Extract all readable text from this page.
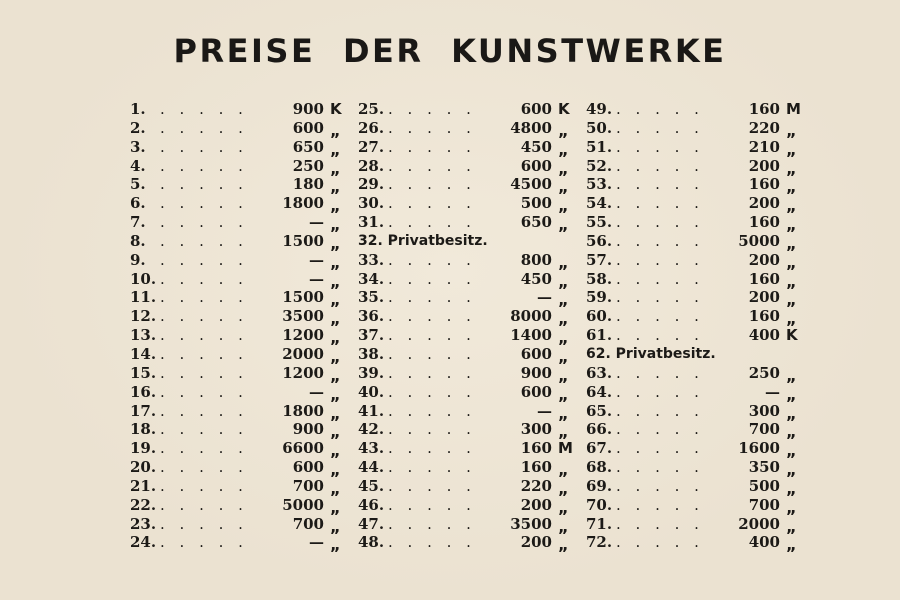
PREISE DER KUNSTWERKE
1. . . . . .	900 K
2. . . . . .	600 „
3. . . . . .	650 „
4. . . . . .	250 „
5. . . . . .	180 „
6. . . . . . 1800 „
7. . . . . .	— „
8. . . . . . 1500 „
9. . . . . .	— „
10. . . . . .	— „
11. . . . . . 1500 „
12. . . . . . 3500 „
13. . . . . . 1200 „
14. . . . . . 2000 „
15. . . . . . 1200 „
16. . . . . .	— „
17. . . . . . 1800 „
18. . . . . .	900 „
19. . . . . . 6600 „
20. . . . . .	600 „
21. . . . . .	700 „
22. . . . . . 5000 „
23. . . . . .	700 „
24. . . . . .	— „
25. . . . . .	600 K
26. . . . . . 4800 „
27. . . . . .	450 „
28. . . . . .	600 „
29. . . . . . 4500 „
30. . . . . .	500 „
31. . . . . .	650 „
32. Privatbesitz.
33. . . . . .	800 „
34. . . . . .	450 „
35. . . . . .	— „
36. . . . . . 8000 „
37. . . . . . 1400 „
38. . . . . .	600 „
39. . . . . .	900 „
40. . . . . .	600 „
41. . . . . .	— „
42. . . . . .	300 „
43. . . . . .	160 M
44. . . . . .	160 „
45. . . . . .	220 „
46. . . . . .	200 „
47. . . . . . 3500 „
48. . . . . .	200 „
49. . . . . .	160 M
50. . . . . .	220 „
51. . . . . .	210 „
52. . . . . .	200 „
53. . . . . .	160 „
54. . . . . .	200 „
55. . . . . .	160 „
56. . . . . . 5000 „
57. . . . . .	200 „
58. . . . . .	160 „
59. . . . . .	200 „
60. . . . . .	160 „
61. . . . . .	400 K
62. Privatbesitz.
63. . . . . .	250 „
64. . . . . .	— „
65. . . . . .	300 „
66. . . . . .	700 „
67. . . . . . 1600 „
68. . . . . .	350 „
69. . . . . .	500 „
70. . . . . .	700 „
71. . . . . . 2000 „
72. . . . . .	400 „
